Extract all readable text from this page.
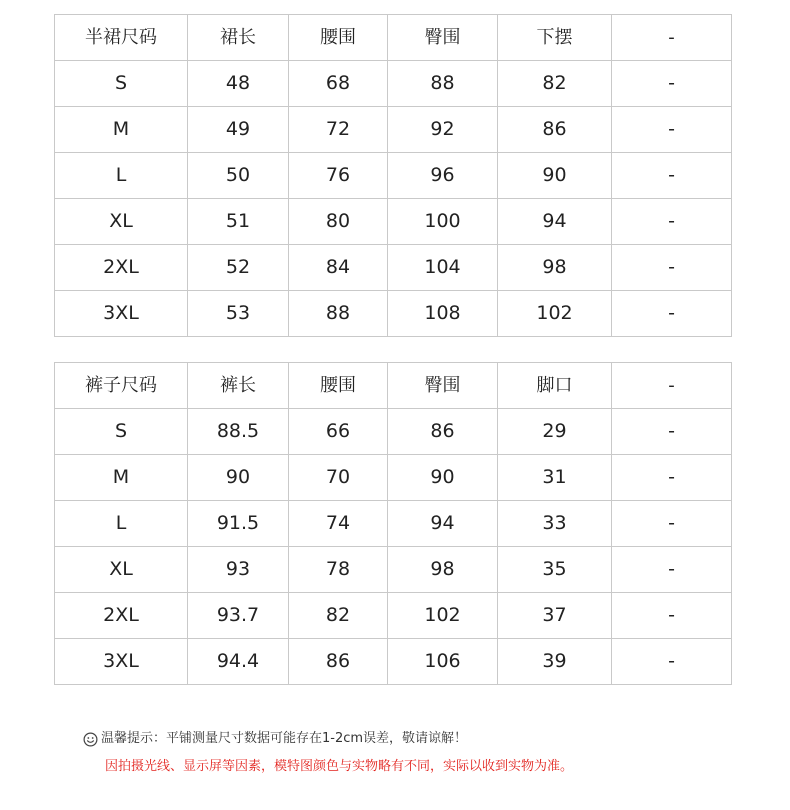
半裙尺码	裙长	腰围	臀围	下摆	-
S	48	68	88	82	-
M	49	72	92	86	-
L	50	76	96	90	-
XL	51	80	100	94	-
2XL	52	84	104	98	-
3XL	53	88	108	102	-
裤子尺码	裤长	腰围	臀围	脚口	-
S	88.5	66	86	29	-
M	90	70	90	31	-
L	91.5	74	94	33	-
XL	93	78	98	35	-
2XL	93.7	82	102	37	-
3XL	94.4	86	106	39	-
温馨提示：平铺测量尺寸数据可能存在1-2cm误差，敬请谅解！
因拍摄光线、显示屏等因素，模特图颜色与实物略有不同，实际以收到实物为准。
